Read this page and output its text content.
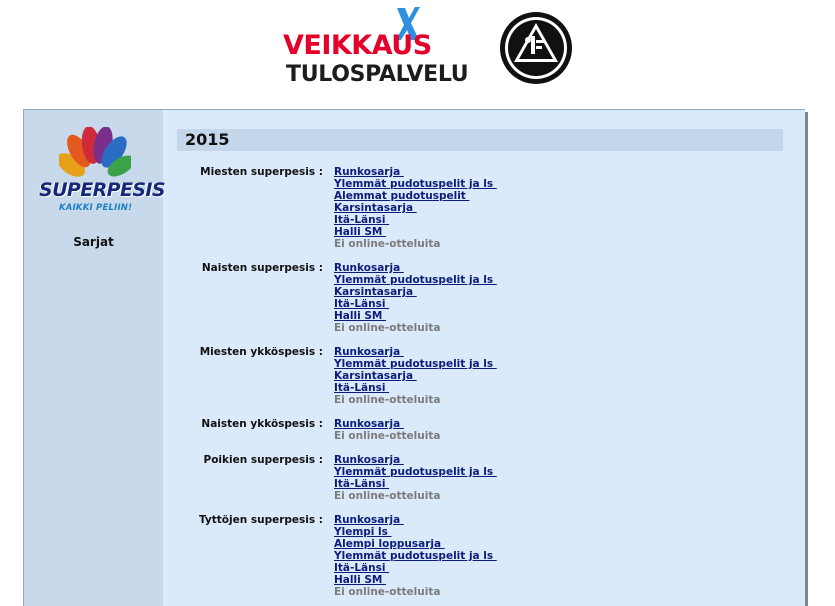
VEIKKAUS
TULOSPALVELU
SUPERPESIS
KAIKKI PELIIN!
Sarjat
2015
Miesten superpesis : Runkosarja
Ylemmät pudotuspelit ja ls
Alemmat pudotuspelit
Karsintasarja
Itä-Länsi
Halli SM
Ei online-otteluita
Naisten superpesis : Runkosarja
Ylemmät pudotuspelit ja ls
Karsintasarja
Itä-Länsi
Halli SM
Ei online-otteluita
Miesten ykköspesis : Runkosarja
Ylemmät pudotuspelit ja ls
Karsintasarja
Itä-Länsi
Ei online-otteluita
Naisten ykköspesis : Runkosarja
Ei online-otteluita
Poikien superpesis : Runkosarja
Ylemmät pudotuspelit ja ls
Itä-Länsi
Ei online-otteluita
Tyttöjen superpesis : Runkosarja
Ylempi ls
Alempi loppusarja
Ylemmät pudotuspelit ja ls
Itä-Länsi
Halli SM
Ei online-otteluita
